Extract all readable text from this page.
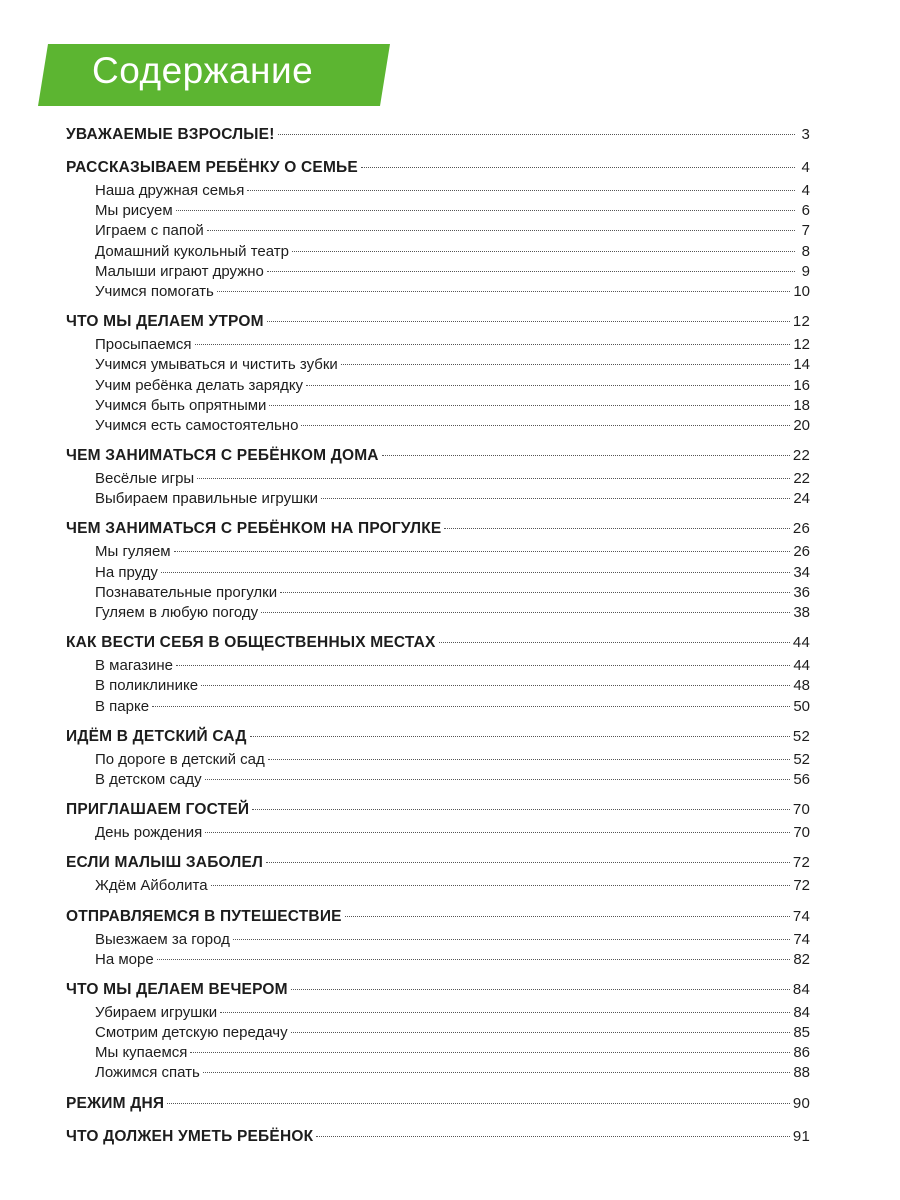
Содержание
УВАЖАЕМЫЕ ВЗРОСЛЫЕ!	3
РАССКАЗЫВАЕМ РЕБЁНКУ О СЕМЬЕ	4
Наша дружная семья	4
Мы рисуем	6
Играем с папой	7
Домашний кукольный театр	8
Малыши играют дружно	9
Учимся помогать	10
ЧТО МЫ ДЕЛАЕМ УТРОМ	12
Просыпаемся	12
Учимся умываться и чистить зубки	14
Учим ребёнка делать зарядку	16
Учимся быть опрятными	18
Учимся есть самостоятельно	20
ЧЕМ ЗАНИМАТЬСЯ С РЕБЁНКОМ ДОМА	22
Весёлые игры	22
Выбираем правильные игрушки	24
ЧЕМ ЗАНИМАТЬСЯ С РЕБЁНКОМ НА ПРОГУЛКЕ	26
Мы гуляем	26
На пруду	34
Познавательные прогулки	36
Гуляем в любую погоду	38
КАК ВЕСТИ СЕБЯ В ОБЩЕСТВЕННЫХ МЕСТАХ	44
В магазине	44
В поликлинике	48
В парке	50
ИДЁМ В ДЕТСКИЙ САД	52
По дороге в детский сад	52
В детском саду	56
ПРИГЛАШАЕМ ГОСТЕЙ	70
День рождения	70
ЕСЛИ МАЛЫШ ЗАБОЛЕЛ	72
Ждём Айболита	72
ОТПРАВЛЯЕМСЯ В ПУТЕШЕСТВИЕ	74
Выезжаем за город	74
На море	82
ЧТО МЫ ДЕЛАЕМ ВЕЧЕРОМ	84
Убираем игрушки	84
Смотрим детскую передачу	85
Мы купаемся	86
Ложимся спать	88
РЕЖИМ ДНЯ	90
ЧТО ДОЛЖЕН УМЕТЬ РЕБЁНОК	91
